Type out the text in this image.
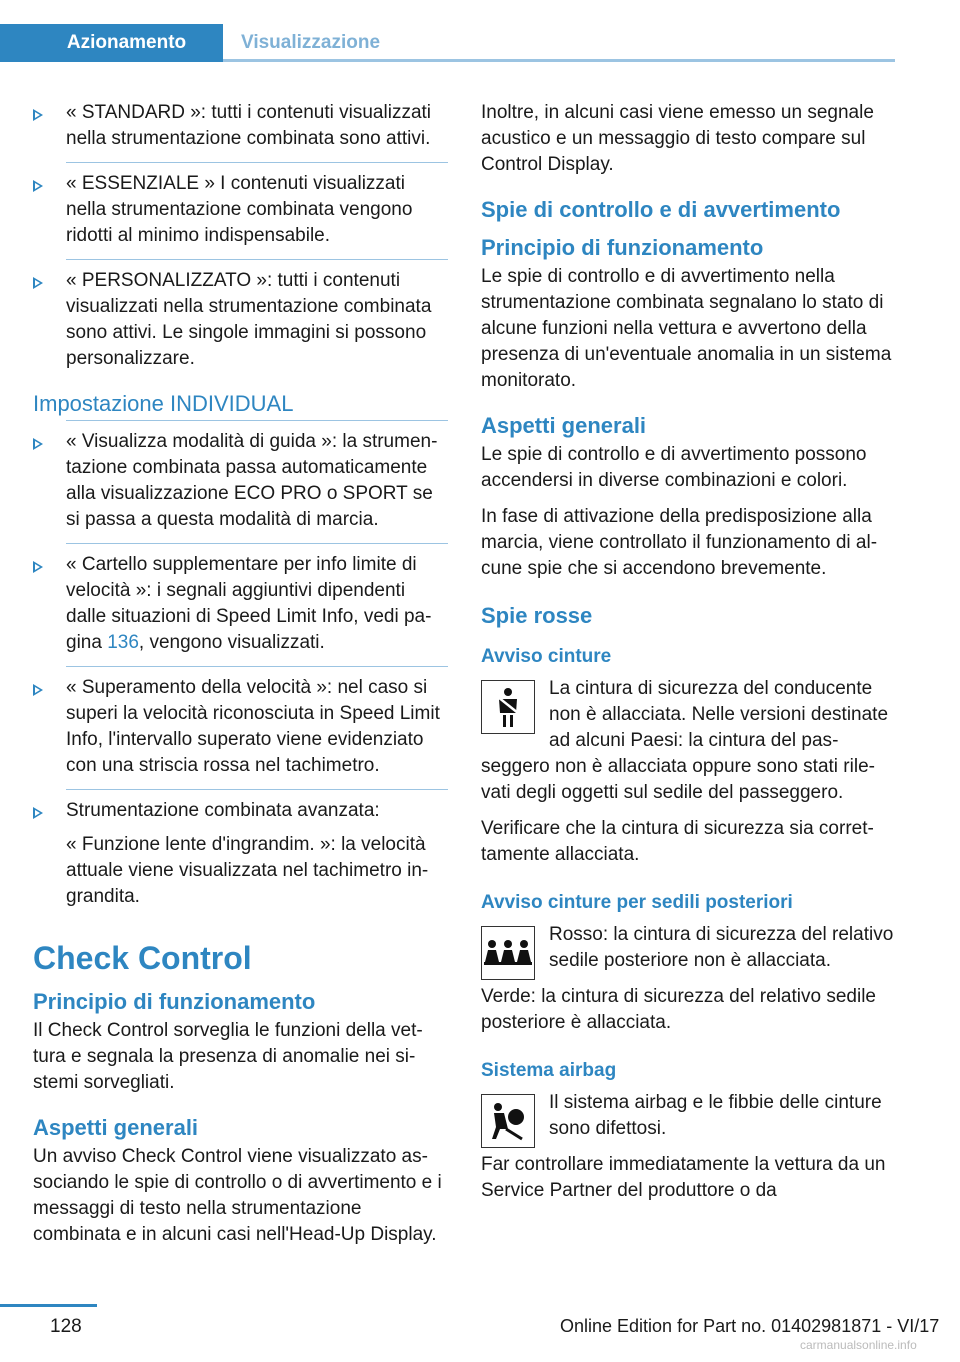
Azionamento	Visualizzazione
« STANDARD »: tutti i contenuti visualizzati nella strumentazione combinata sono attivi.
« ESSENZIALE » I contenuti visualizzati nella strumentazione combinata vengono ridotti al minimo indispensabile.
« PERSONALIZZATO »: tutti i contenuti visualizzati nella strumentazione combinata sono attivi. Le singole immagini si possono personalizzare.
Impostazione INDIVIDUAL
« Visualizza modalità di guida »: la strumentazione combinata passa automaticamente alla visualizzazione ECO PRO o SPORT se si passa a questa modalità di marcia.
« Cartello supplementare per info limite di velocità »: i segnali aggiuntivi dipendenti dalle situazioni di Speed Limit Info, vedi pagina 136, vengono visualizzati.
« Superamento della velocità »: nel caso si superi la velocità riconosciuta in Speed Limit Info, l'intervallo superato viene evidenziato con una striscia rossa nel tachimetro.
Strumentazione combinata avanzata:

« Funzione lente d'ingrandim. »: la velocità attuale viene visualizzata nel tachimetro ingrandita.

Check Control
Principio di funzionamento

Il Check Control sorveglia le funzioni della vettura e segnala la presenza di anomalie nei sistemi sorvegliati.

Aspetti generali

Un avviso Check Control viene visualizzato associando le spie di controllo o di avvertimento e i messaggi di testo nella strumentazione combinata e in alcuni casi nell'Head-Up Display.

Inoltre, in alcuni casi viene emesso un segnale acustico e un messaggio di testo compare sul Control Display.

Spie di controllo e di avvertimento
Principio di funzionamento

Le spie di controllo e di avvertimento nella strumentazione combinata segnalano lo stato di alcune funzioni nella vettura e avvertono della presenza di un'eventuale anomalia in un sistema monitorato.

Aspetti generali

Le spie di controllo e di avvertimento possono accendersi in diverse combinazioni e colori.

In fase di attivazione della predisposizione alla marcia, viene controllato il funzionamento di alcune spie che si accendono brevemente.

Spie rosse
Avviso cinture

La cintura di sicurezza del conducente non è allacciata. Nelle versioni destinate ad alcuni Paesi: la cintura del passeggero non è allacciata oppure sono stati rilevati degli oggetti sul sedile del passeggero.

Verificare che la cintura di sicurezza sia correttamente allacciata.

Avviso cinture per sedili posteriori

Rosso: la cintura di sicurezza del relativo sedile posteriore non è allacciata.

Verde: la cintura di sicurezza del relativo sedile posteriore è allacciata.

Sistema airbag

Il sistema airbag e le fibbie delle cinture sono difettosi.

Far controllare immediatamente la vettura da un Service Partner del produttore o da

128	Online Edition for Part no. 01402981871 - VI/17
carmanualsonline.info
